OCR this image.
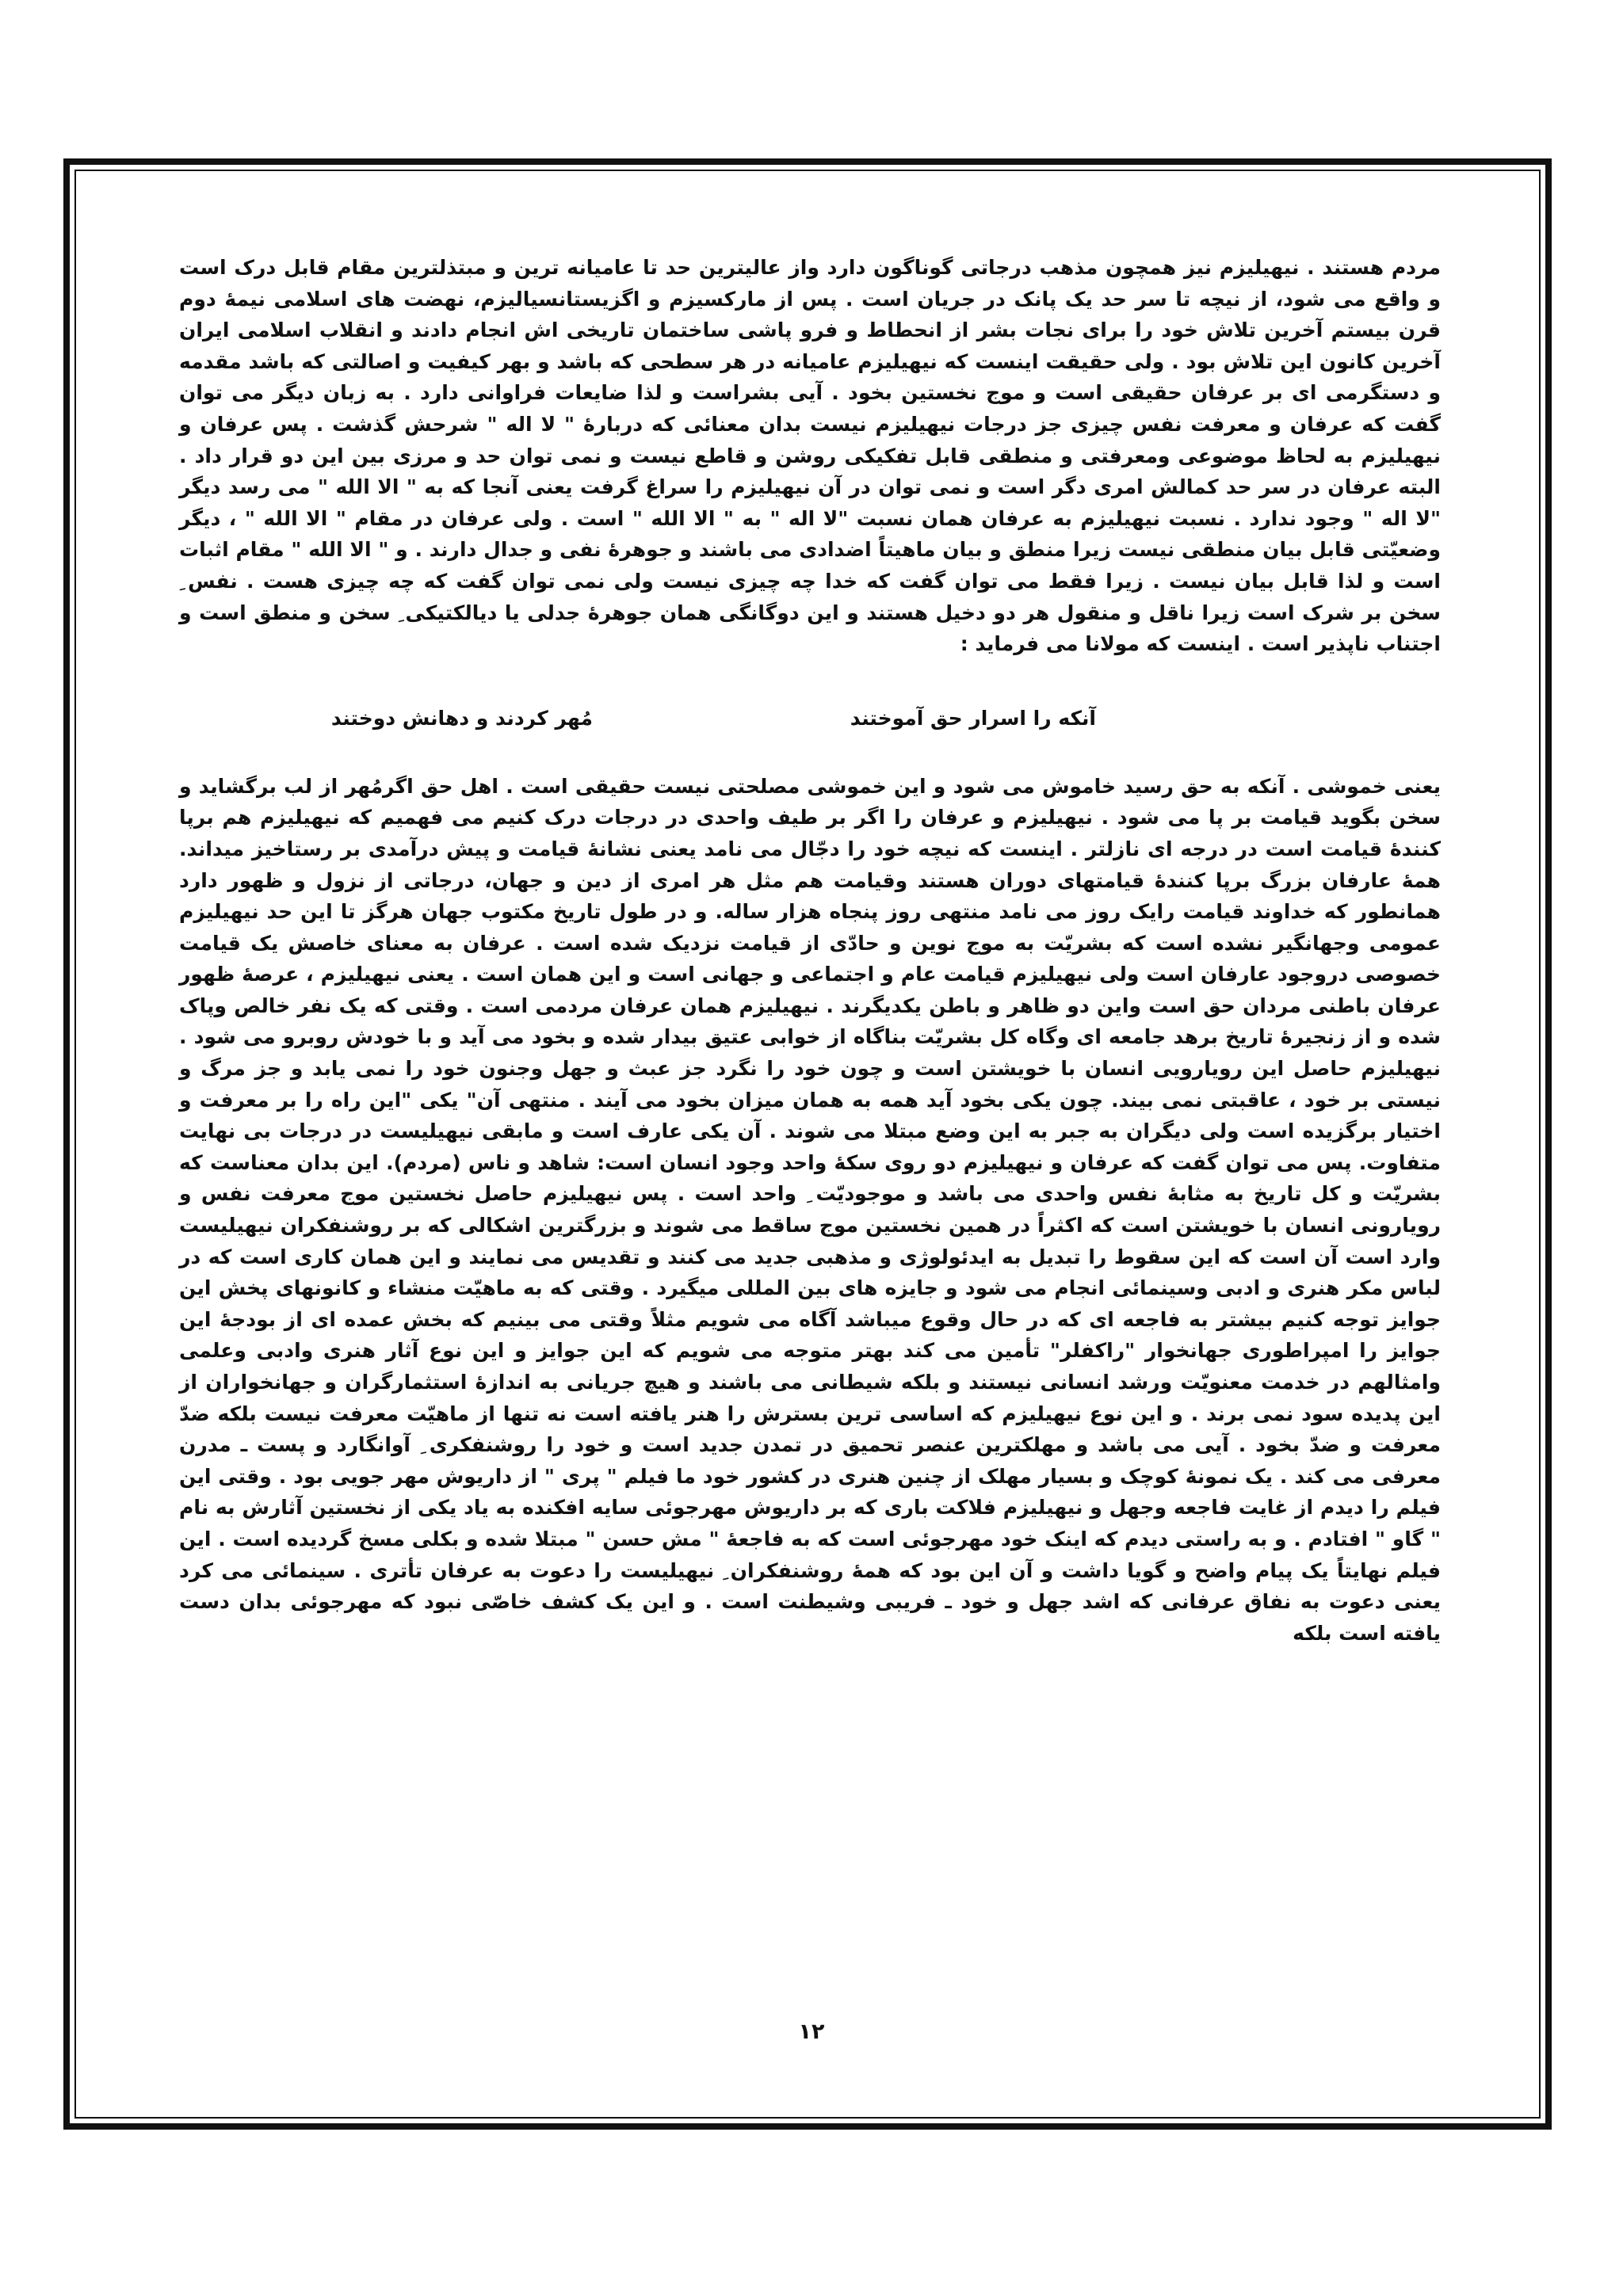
مردم هستند . نیهیلیزم نیز همچون مذهب درجاتی گوناگون دارد واز عالیترین حد تا عامیانه ترین و مبتذلترین مقام قابل درک است و واقع می شود، از نیچه تا سر حد یک پانک در جریان است . پس از مارکسیزم و اگزیستانسیالیزم، نهضت های اسلامی نیمهٔ دوم قرن بیستم آخرین تلاش خود را برای نجات بشر از انحطاط و فرو پاشی ساختمان تاریخی اش انجام دادند و انقلاب اسلامی ایران آخرین کانون این تلاش بود . ولی حقیقت اینست که نیهیلیزم عامیانه در هر سطحی که باشد و بهر کیفیت و اصالتی که باشد مقدمه و دستگرمی ای بر عرفان حقیقی است و موج نخستین بخود . آیی بشراست و لذا ضایعات فراوانی دارد . به زبان دیگر می توان گفت که عرفان و معرفت نفس چیزی جز درجات نیهیلیزم نیست بدان معنائی که دربارهٔ " لا اله " شرحش گذشت . پس عرفان و نیهیلیزم به لحاظ موضوعی ومعرفتی و منطقی قابل تفکیکی روشن و قاطع نیست و نمی توان حد و مرزی بین این دو قرار داد . البته عرفان در سر حد کمالش امری دگر است و نمی توان در آن نیهیلیزم را سراغ گرفت یعنی آنجا که به " الا الله " می رسد دیگر "لا اله " وجود ندارد . نسبت نیهیلیزم به عرفان همان نسبت "لا اله " به " الا الله " است . ولی عرفان در مقام " الا الله " ، دیگر وضعیّتی قابل بیان منطقی نیست زیرا منطق و بیان ماهیتاً اضدادی می باشند و جوهرهٔ نفی و جدال دارند . و " الا الله " مقام اثبات است و لذا قابل بیان نیست . زیرا فقط می توان گفت که خدا چه چیزی نیست ولی نمی توان گفت که چه چیزی هست . نفس ِ سخن بر شرک است زیرا ناقل و منقول هر دو دخیل هستند و این دوگانگی همان جوهرهٔ جدلی یا دیالکتیکی ِ سخن و منطق است و اجتناب ناپذیر است . اینست که مولانا می فرماید :

آنکه را اسرار حق آموختند
مُهر کردند و دهانش دوختند

یعنی خموشی . آنکه به حق رسید خاموش می شود و این خموشی مصلحتی نیست حقیقی است . اهل حق اگرمُهر از لب برگشاید و سخن بگوید قیامت بر پا می شود . نیهیلیزم و عرفان را اگر بر طیف واحدی در درجات درک کنیم می فهمیم که نیهیلیزم هم برپا کنندهٔ قیامت است در درجه ای نازلتر . اینست که نیچه خود را دجّال می نامد یعنی نشانهٔ قیامت و پیش درآمدی بر رستاخیز میداند. همهٔ عارفان بزرگ برپا کنندهٔ قیامتهای دوران هستند وقیامت هم مثل هر امری از دین و جهان، درجاتی از نزول و ظهور دارد همانطور که خداوند قیامت رایک روز می نامد منتهی روز پنجاه هزار ساله. و در طول تاریخ مکتوب جهان هرگز تا این حد نیهیلیزم عمومی وجهانگیر نشده است که بشریّت به موج نوین و حادّی از قیامت نزدیک شده است . عرفان به معنای خاصش یک قیامت خصوصی دروجود عارفان است ولی نیهیلیزم قیامت عام و اجتماعی و جهانی است و این همان است . یعنی نیهیلیزم ، عرصهٔ ظهور عرفان باطنی مردان حق است واین دو ظاهر و باطن یکدیگرند . نیهیلیزم همان عرفان مردمی است . وقتی که یک نفر خالص وپاک شده و از زنجیرهٔ تاریخ برهد جامعه ای وگاه کل بشریّت بناگاه از خوابی عتیق بیدار شده و بخود می آید و با خودش روبرو می شود . نیهیلیزم حاصل این رویارویی انسان با خویشتن است و چون خود را نگرد جز عبث و جهل وجنون خود را نمی یابد و جز مرگ و نیستی بر خود ، عاقبتی نمی بیند. چون یکی بخود آید همه به همان میزان بخود می آیند . منتهی آن" یکی "این راه را بر معرفت و اختیار برگزیده است ولی دیگران به جبر به این وضع مبتلا می شوند . آن یکی عارف است و مابقی نیهیلیست در درجات بی نهایت متفاوت. پس می توان گفت که عرفان و نیهیلیزم دو روی سکهٔ واحد وجود انسان است: شاهد و ناس (مردم). این بدان معناست که بشریّت و کل تاریخ به مثابهٔ نفس واحدی می باشد و موجودیّت ِ واحد است . پس نیهیلیزم حاصل نخستین موج معرفت نفس و رویارونی انسان با خویشتن است که اکثراً در همین نخستین موج ساقط می شوند و بزرگترین اشکالی که بر روشنفکران نیهیلیست وارد است آن است که این سقوط را تبدیل به ایدئولوژی و مذهبی جدید می کنند و تقدیس می نمایند و این همان کاری است که در لباس مکر هنری و ادبی وسینمائی انجام می شود و جایزه های بین المللی میگیرد . وقتی که به ماهیّت منشاء و کانونهای پخش این جوایز توجه کنیم بیشتر به فاجعه ای که در حال وقوع میباشد آگاه می شویم مثلاً وقتی می بینیم که بخش عمده ای از بودجهٔ این جوایز را امپراطوری جهانخوار "راکفلر" تأمین می کند بهتر متوجه می شویم که این جوایز و این نوع آثار هنری وادبی وعلمی وامثالهم در خدمت معنویّت ورشد انسانی نیستند و بلکه شیطانی می باشند و هیچ جریانی به اندازهٔ استثمارگران و جهانخواران از این پدیده سود نمی برند . و این نوع نیهیلیزم که اساسی ترین بسترش را هنر یافته است نه تنها از ماهیّت معرفت نیست بلکه ضدّ معرفت و ضدّ بخود . آیی می باشد و مهلکترین عنصر تحمیق در تمدن جدید است و خود را روشنفکری ِ آوانگارد و پست ـ مدرن معرفی می کند . یک نمونهٔ کوچک و بسیار مهلک از چنین هنری در کشور خود ما فیلم " پری " از داریوش مهر جویی بود . وقتی این فیلم را دیدم از غایت فاجعه وجهل و نیهیلیزم فلاکت باری که بر داریوش مهرجوئی سایه افکنده به یاد یکی از نخستین آثارش به نام " گاو " افتادم . و به راستی دیدم که اینک خود مهرجوئی است که به فاجعهٔ " مش حسن " مبتلا شده و بکلی مسخ گردیده است . این فیلم نهایتاً یک پیام واضح و گویا داشت و آن این بود که همهٔ روشنفکران ِ نیهیلیست را دعوت به عرفان تأتری . سینمائی می کرد یعنی دعوت به نفاق عرفانی که اشد جهل و خود ـ فریبی وشیطنت است . و این یک کشف خاصّی نبود که مهرجوئی بدان دست یافته است بلکه

۱۲
